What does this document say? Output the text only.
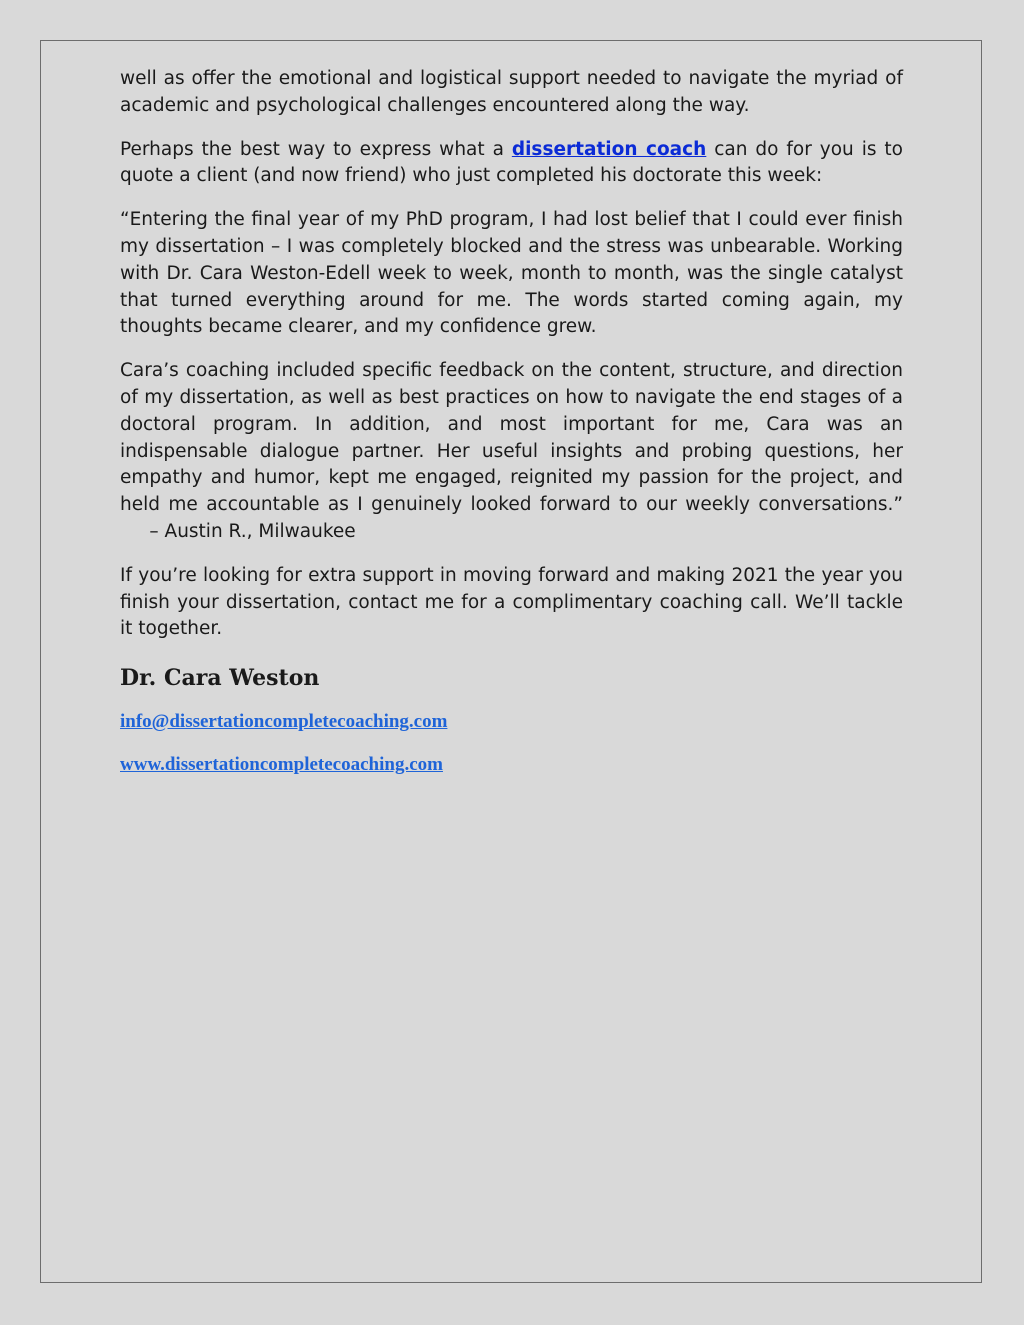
well as offer the emotional and logistical support needed to navigate the myriad of academic and psychological challenges encountered along the way.

Perhaps the best way to express what a dissertation coach can do for you is to quote a client (and now friend) who just completed his doctorate this week:

“Entering the final year of my PhD program, I had lost belief that I could ever finish my dissertation – I was completely blocked and the stress was unbearable. Working with Dr. Cara Weston-Edell week to week, month to month, was the single catalyst that turned everything around for me. The words started coming again, my thoughts became clearer, and my confidence grew.

Cara’s coaching included specific feedback on the content, structure, and direction of my dissertation, as well as best practices on how to navigate the end stages of a doctoral program. In addition, and most important for me, Cara was an indispensable dialogue partner. Her useful insights and probing questions, her empathy and humor, kept me engaged, reignited my passion for the project, and held me accountable as I genuinely looked forward to our weekly conversations.”     – Austin R., Milwaukee

If you’re looking for extra support in moving forward and making 2021 the year you finish your dissertation, contact me for a complimentary coaching call. We’ll tackle it together.

Dr. Cara Weston
info@dissertationcompletecoaching.com
www.dissertationcompletecoaching.com
